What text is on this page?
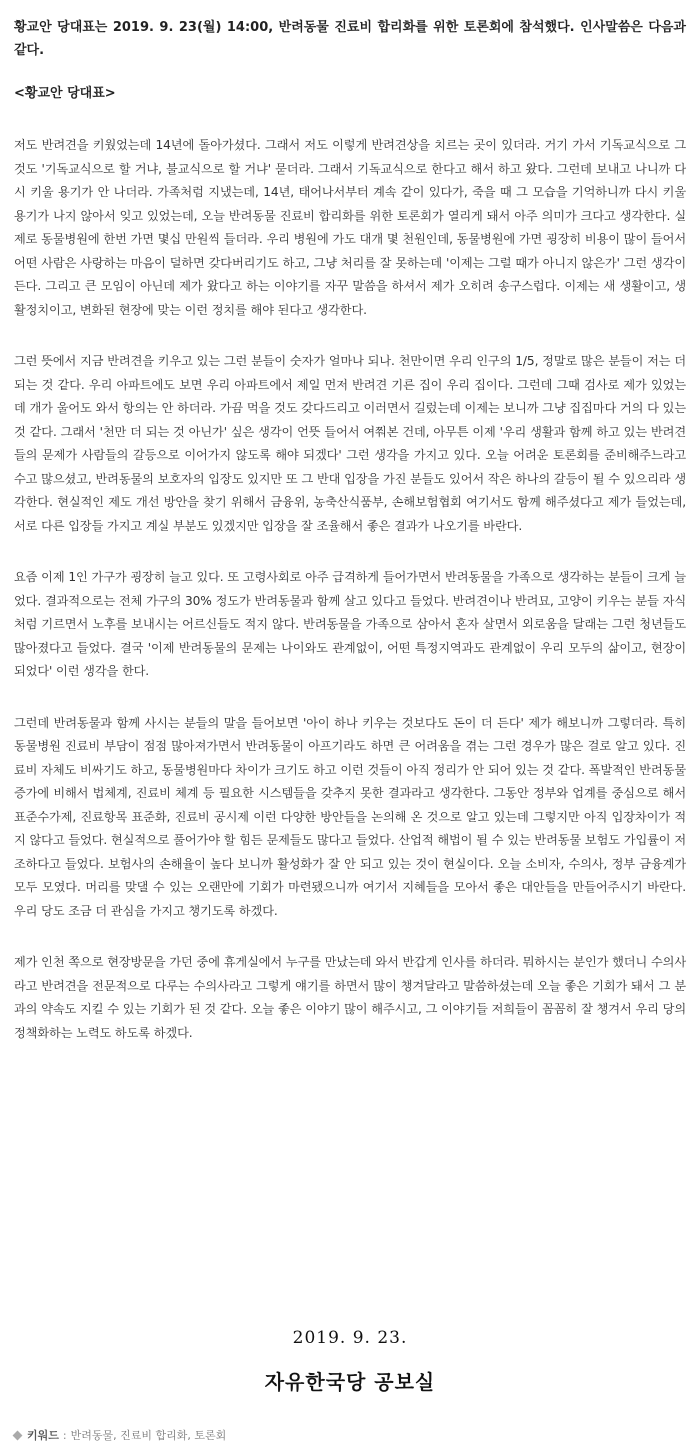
황교안 당대표는 2019. 9. 23(월) 14:00, 반려동물 진료비 합리화를 위한 토론회에 참석했다. 인사말씀은 다음과 같다.

<황교안 당대표>

저도 반려견을 키웠었는데 14년에 돌아가셨다. 그래서 저도 이렇게 반려견상을 치르는 곳이 있더라. 거기 가서 기독교식으로 그것도 '기독교식으로 할 거냐, 불교식으로 할 거냐' 묻더라. 그래서 기독교식으로 한다고 해서 하고 왔다. 그런데 보내고 나니까 다시 키울 용기가 안 나더라. 가족처럼 지냈는데, 14년, 태어나서부터 계속 같이 있다가, 죽을 때 그 모습을 기억하니까 다시 키울 용기가 나지 않아서 잊고 있었는데, 오늘 반려동물 진료비 합리화를 위한 토론회가 열리게 돼서 아주 의미가 크다고 생각한다. 실제로 동물병원에 한번 가면 몇십 만원씩 들더라. 우리 병원에 가도 대개 몇 천원인데, 동물병원에 가면 굉장히 비용이 많이 들어서 어떤 사람은 사랑하는 마음이 덜하면 갖다버리기도 하고, 그냥 처리를 잘 못하는데 '이제는 그럴 때가 아니지 않은가' 그런 생각이 든다. 그리고 큰 모임이 아닌데 제가 왔다고 하는 이야기를 자꾸 말씀을 하셔서 제가 오히려 송구스럽다. 이제는 새 생활이고, 생활정치이고, 변화된 현장에 맞는 이런 정치를 해야 된다고 생각한다.

그런 뜻에서 지금 반려견을 키우고 있는 그런 분들이 숫자가 얼마나 되나. 천만이면 우리 인구의 1/5, 정말로 많은 분들이 저는 더 되는 것 같다. 우리 아파트에도 보면 우리 아파트에서 제일 먼저 반려견 기른 집이 우리 집이다. 그런데 그때 검사로 제가 있었는데 개가 울어도 와서 항의는 안 하더라. 가끔 먹을 것도 갖다드리고 이러면서 길렀는데 이제는 보니까 그냥 집집마다 거의 다 있는 것 같다. 그래서 '천만 더 되는 것 아닌가' 싶은 생각이 언뜻 들어서 여쭤본 건데, 아무튼 이제 '우리 생활과 함께 하고 있는 반려견들의 문제가 사람들의 갈등으로 이어가지 않도록 해야 되겠다' 그런 생각을 가지고 있다. 오늘 어려운 토론회를 준비해주느라고 수고 많으셨고, 반려동물의 보호자의 입장도 있지만 또 그 반대 입장을 가진 분들도 있어서 작은 하나의 갈등이 될 수 있으리라 생각한다. 현실적인 제도 개선 방안을 찾기 위해서 금융위, 농축산식품부, 손해보험협회 여기서도 함께 해주셨다고 제가 들었는데, 서로 다른 입장들 가지고 계실 부분도 있겠지만 입장을 잘 조율해서 좋은 결과가 나오기를 바란다.

요즘 이제 1인 가구가 굉장히 늘고 있다. 또 고령사회로 아주 급격하게 들어가면서 반려동물을 가족으로 생각하는 분들이 크게 늘었다. 결과적으로는 전체 가구의 30% 정도가 반려동물과 함께 살고 있다고 들었다. 반려견이나 반려묘, 고양이 키우는 분들 자식처럼 기르면서 노후를 보내시는 어르신들도 적지 않다. 반려동물을 가족으로 삼아서 혼자 살면서 외로움을 달래는 그런 청년들도 많아졌다고 들었다. 결국 '이제 반려동물의 문제는 나이와도 관계없이, 어떤 특정지역과도 관계없이 우리 모두의 삶이고, 현장이 되었다' 이런 생각을 한다.

그런데 반려동물과 함께 사시는 분들의 말을 들어보면 '아이 하나 키우는 것보다도 돈이 더 든다' 제가 해보니까 그렇더라. 특히 동물병원 진료비 부담이 점점 많아져가면서 반려동물이 아프기라도 하면 큰 어려움을 겪는 그런 경우가 많은 걸로 알고 있다. 진료비 자체도 비싸기도 하고, 동물병원마다 차이가 크기도 하고 이런 것들이 아직 정리가 안 되어 있는 것 같다. 폭발적인 반려동물 증가에 비해서 법체계, 진료비 체계 등 필요한 시스템들을 갖추지 못한 결과라고 생각한다. 그동안 정부와 업계를 중심으로 해서 표준수가제, 진료항목 표준화, 진료비 공시제 이런 다양한 방안들을 논의해 온 것으로 알고 있는데 그렇지만 아직 입장차이가 적지 않다고 들었다. 현실적으로 풀어가야 할 힘든 문제들도 많다고 들었다. 산업적 해법이 될 수 있는 반려동물 보험도 가입률이 저조하다고 들었다. 보험사의 손해율이 높다 보니까 활성화가 잘 안 되고 있는 것이 현실이다. 오늘 소비자, 수의사, 정부 금융계가 모두 모였다. 머리를 맞댈 수 있는 오랜만에 기회가 마련됐으니까 여기서 지혜들을 모아서 좋은 대안들을 만들어주시기 바란다. 우리 당도 조금 더 관심을 가지고 챙기도록 하겠다.

제가 인천 쪽으로 현장방문을 가던 중에 휴게실에서 누구를 만났는데 와서 반갑게 인사를 하더라. 뭐하시는 분인가 했더니 수의사라고 반려견을 전문적으로 다루는 수의사라고 그렇게 얘기를 하면서 많이 챙겨달라고 말씀하셨는데 오늘 좋은 기회가 돼서 그 분과의 약속도 지킬 수 있는 기회가 된 것 같다. 오늘 좋은 이야기 많이 해주시고, 그 이야기들 저희들이 꼼꼼히 잘 챙겨서 우리 당의 정책화하는 노력도 하도록 하겠다.

2019. 9. 23.
자유한국당 공보실
키워드 : 반려동물, 진료비 합리화, 토론회
